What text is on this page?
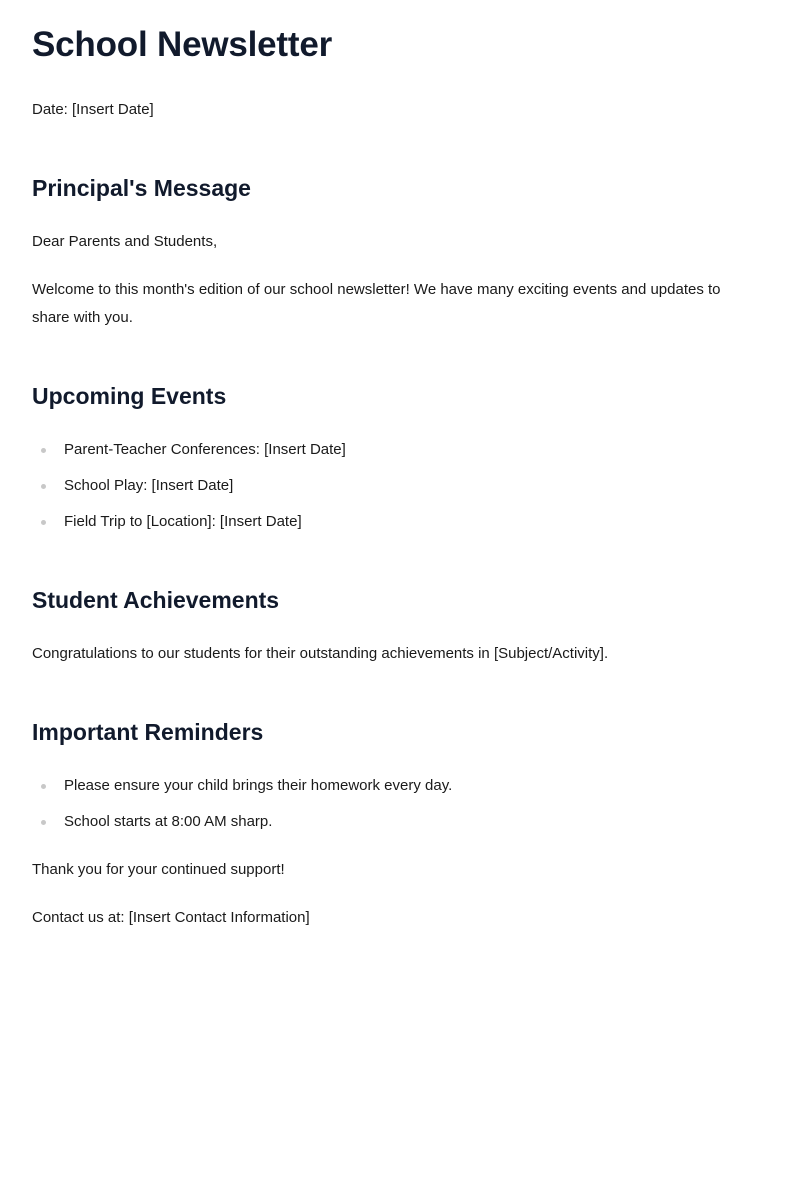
School Newsletter

Date: [Insert Date]

Principal's Message

Dear Parents and Students,

Welcome to this month's edition of our school newsletter! We have many exciting events and updates to share with you.

Upcoming Events
Parent-Teacher Conferences: [Insert Date]
School Play: [Insert Date]
Field Trip to [Location]: [Insert Date]
Student Achievements

Congratulations to our students for their outstanding achievements in [Subject/Activity].

Important Reminders
Please ensure your child brings their homework every day.
School starts at 8:00 AM sharp.

Thank you for your continued support!

Contact us at: [Insert Contact Information]
